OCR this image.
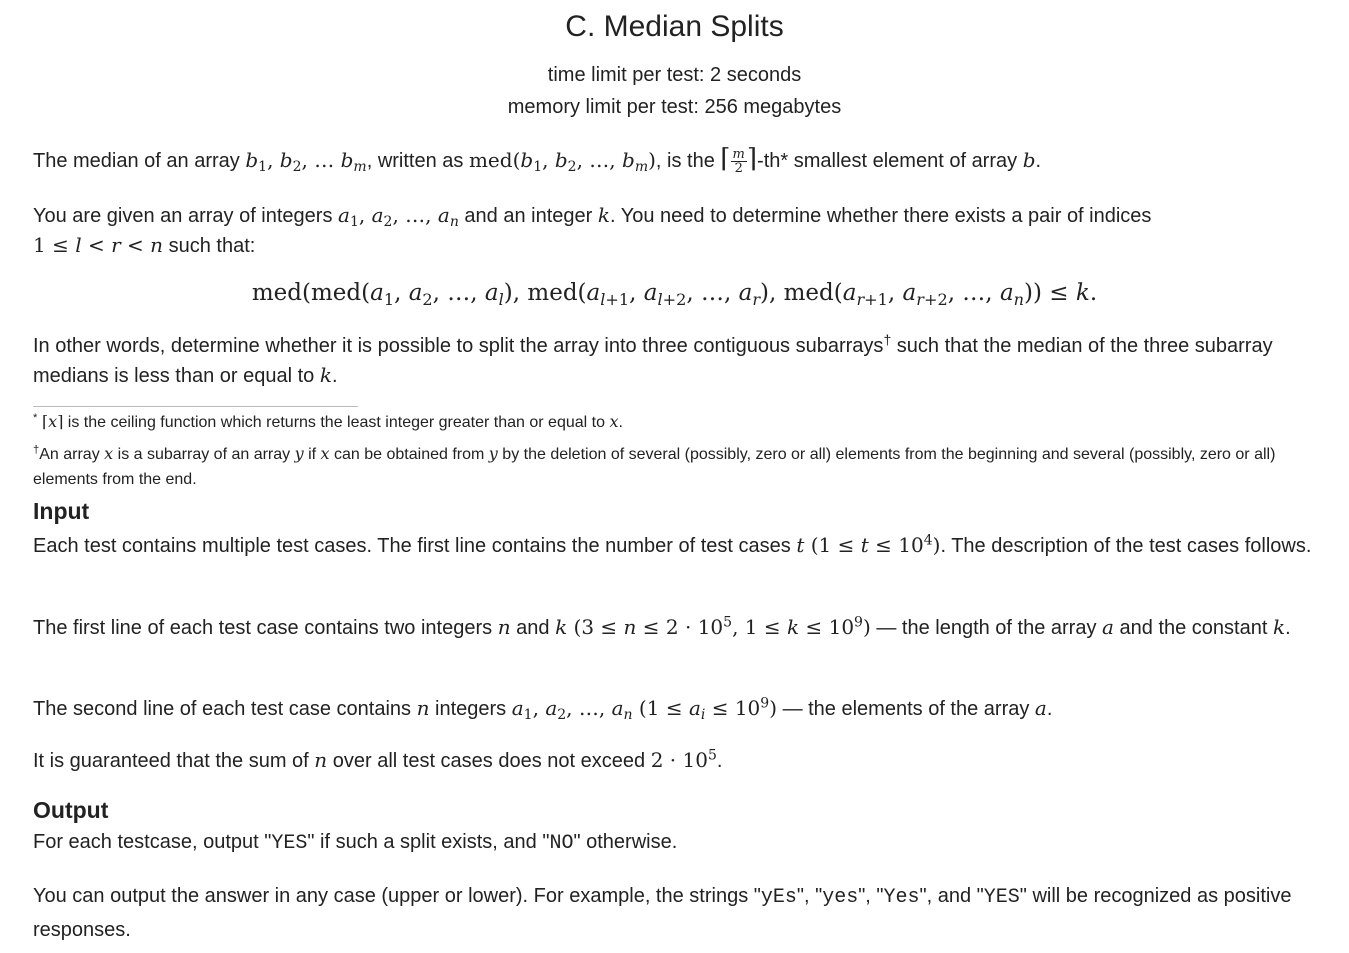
C. Median Splits
time limit per test: 2 seconds
memory limit per test: 256 megabytes
The median of an array $b_1$, $b_2$, … $b_m$, written as $med(b_1$, $b_2$, …, $b_m$), is the ⌈ $\frac{m}{2}$ ⌉-th* smallest element of array b.
You are given an array of integers $a_1$, $a_2$, …, $a_n$ and an integer k. You need to determine whether there exists a pair of indices
1 ≤ l < r < n such that:
$med(med(a_1$, $a_2$, …, $a_l$), $med(a_{l+1}$, $a_{l+2}$, …, $a_r$), $med(a_{r+1}$, $a_{r+2}$, …, $a_n)) \le k$.
In other words, determine whether it is possible to split the array into three contiguous subarrays† such that the median of the three subarray medians is less than or equal to k.
* ⌈x⌉ is the ceiling function which returns the least integer greater than or equal to x.
†An array x is a subarray of an array y if x can be obtained from y by the deletion of several (possibly, zero or all) elements from the beginning and several (possibly, zero or all) elements from the end.
Input
Each test contains multiple test cases. The first line contains the number of test cases t $(1 \le t \le 10^4)$. The description of the test cases follows.
The first line of each test case contains two integers n and k ($3 \le n \le 2 \cdot 10^5$, $1 \le k \le 10^9$) — the length of the array a and the constant k.
The second line of each test case contains n integers $a_1$, $a_2$, …, $a_n$ $(1 \le a_i \le 10^9)$ — the elements of the array a.
It is guaranteed that the sum of n over all test cases does not exceed $2 \cdot 10^5$.
Output
For each testcase, output "YES" if such a split exists, and "NO" otherwise.
You can output the answer in any case (upper or lower). For example, the strings "yEs", "yes", "Yes", and "YES" will be recognized as positive responses.
